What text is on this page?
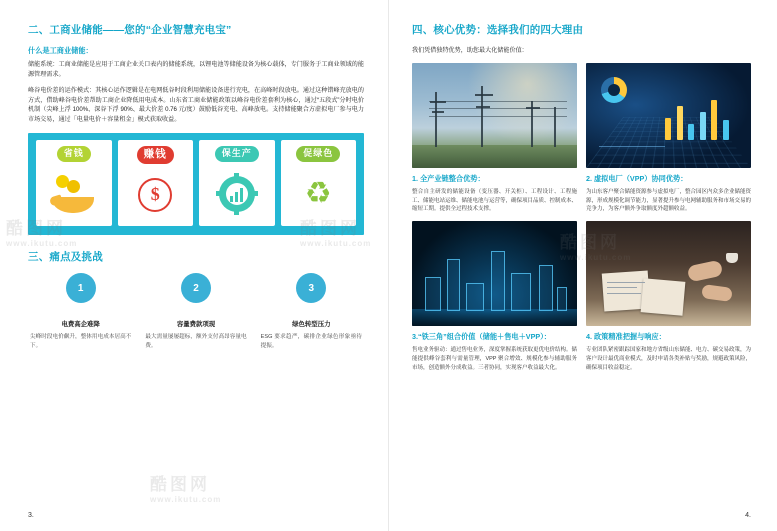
二、工商业储能——您的“企业智慧充电宝”
什么是工商业储能：

储能系统：工商业储能是应用于工商企业关口表内的储能系统，以锂电池等储能设备为核心载体，专门服务于工商业领域的能源管理需求。

峰谷电价差的运作模式：其核心运作逻辑是在电网低谷时段利用储能设备进行充电，在高峰时段放电。通过这种错峰充放电的方式，借助峰谷电价差帮助工商企业降低用电成本。山东省工商业储能政策以峰谷电价差套利为核心，通过“五段式”分时电价机制（尖峰上浮 100%、深谷下浮 90%、最大价差 0.76 元/度）鼓励低谷充电、高峰放电。支持储能聚合方虚拟电厂参与电力市场交易，通过「电量电价＋容量租金」模式获取收益。

省钱	赚钱
$
保生产	促绿色
♻
三、痛点及挑战
1
电费高企难降
尖峰时段电价飙升，整体用电成本居高不下。
2
容量费款项现
最大需量屡屡超标，额外支付高昂容量电费。
3
绿色转型压力
ESG 要求趋严，碳排企业绿色形象亟待提振。
3.
四、核心优势：选择我们的四大理由
我们凭借独特优势，助您最大化储能价值：
1. 全产业链整合优势：
整合自主研发的储能设备（变压器、开关柜）、工程设计、工程施工、储能电站运维、储能电池与运营等，确保项目品质、控制成本、缩短工期。提供全过程技术支撑。
2. 虚拟电厂（VPP）协同优势：
为山东客户聚合储能资源参与虚拟电厂，整合园区内众多企业储能资源，形成规模化调节能力，显著提升参与电网辅助服务和市场交易的竞争力，为客户额外争取额度外超额收益。
3.“铁三角”组合价值（储能＋售电＋VPP）：
售电业务驱动：通过售电业务，深度掌握系统获取更优电价结构。储能提供峰谷套利与需量管理，VPP 聚合增效、规模化参与辅助服务市场，创造额外分成收益。三者协同，实现客户收益最大化。
4. 政策精准把握与响应：
专业团队紧密跟踪国家和地方省级山东储能、电力、碳交易政策，为客户设计最优商业模式，及时申请各类补贴与奖励，规避政策风险，确保项目收益稳定。
4.
www.ikutu.com	www.ikutu.com
酷图网
www.ikutu.com
